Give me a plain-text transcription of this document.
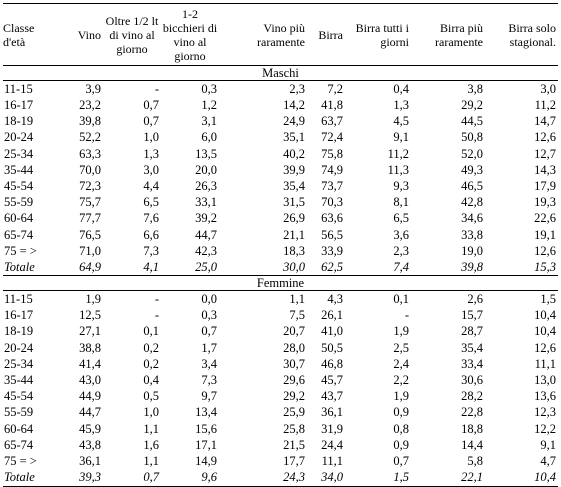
Classe d'età	Vino	Oltre 1/2 lt di vino al giorno	1-2 bicchieri di vino al giorno	Vino più raramente	Birra	Birra tutti i giorni	Birra più raramente	Birra solo stagional.
Maschi								
11-15	3,9	-	0,3	2,3	7,2	0,4	3,8	3,0
16-17	23,2	0,7	1,2	14,2	41,8	1,3	29,2	11,2
18-19	39,8	0,7	3,1	24,9	63,7	4,5	44,5	14,7
20-24	52,2	1,0	6,0	35,1	72,4	9,1	50,8	12,6
25-34	63,3	1,3	13,5	40,2	75,8	11,2	52,0	12,7
35-44	70,0	3,0	20,0	39,9	74,9	11,3	49,3	14,3
45-54	72,3	4,4	26,3	35,4	73,7	9,3	46,5	17,9
55-59	75,7	6,5	33,1	31,5	70,3	8,1	42,8	19,3
60-64	77,7	7,6	39,2	26,9	63,6	6,5	34,6	22,6
65-74	76,5	6,6	44,7	21,1	56,5	3,6	33,8	19,1
75 = >	71,0	7,3	42,3	18,3	33,9	2,3	19,0	12,6
Totale	64,9	4,1	25,0	30,0	62,5	7,4	39,8	15,3
Femmine								
11-15	1,9	-	0,0	1,1	4,3	0,1	2,6	1,5
16-17	12,5	-	0,3	7,5	26,1	-	15,7	10,4
18-19	27,1	0,1	0,7	20,7	41,0	1,9	28,7	10,4
20-24	38,8	0,2	1,7	28,0	50,5	2,5	35,4	12,6
25-34	41,4	0,2	3,4	30,7	46,8	2,4	33,4	11,1
35-44	43,0	0,4	7,3	29,6	45,7	2,2	30,6	13,0
45-54	44,9	0,5	9,7	29,2	43,7	1,9	28,2	13,6
55-59	44,7	1,0	13,4	25,9	36,1	0,9	22,8	12,3
60-64	45,9	1,1	15,6	25,8	31,9	0,8	18,8	12,2
65-74	43,8	1,6	17,1	21,5	24,4	0,9	14,4	9,1
75 = >	36,1	1,1	14,9	17,7	11,1	0,7	5,8	4,7
Totale	39,3	0,7	9,6	24,3	34,0	1,5	22,1	10,4
